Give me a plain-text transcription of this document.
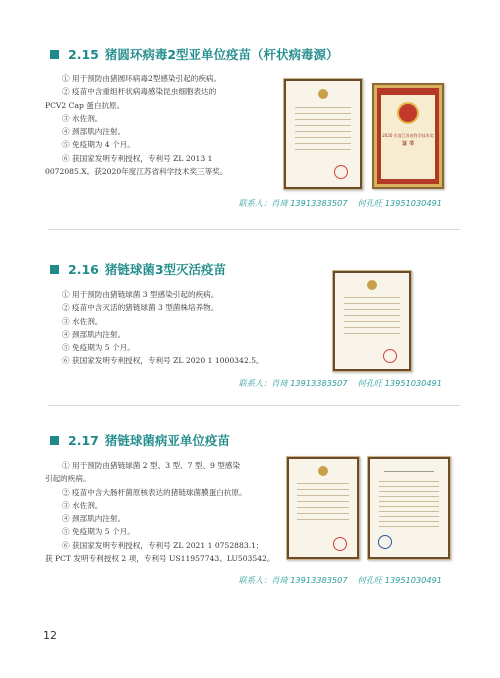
2.15 猪圆环病毒2型亚单位疫苗（杆状病毒源）

① 用于预防由猪圆环病毒2型感染引起的疾病。

② 疫苗中含重组杆状病毒感染昆虫细胞表达的

PCV2 Cap 蛋白抗原。

③ 水佐剂。

④ 颈部肌内注射。

⑤ 免疫期为 4 个月。

⑥ 获国家发明专利授权，专利号 ZL 2013 1

0072085.X。获2020年度江苏省科学技术奖三等奖。

2020 年度江苏省科学技术奖
证 书
联系人：肖琦 13913383507 何孔旺 13951030491
2.16 猪链球菌3型灭活疫苗

① 用于预防由猪链球菌 3 型感染引起的疾病。

② 疫苗中含灭活的猪链球菌 3 型菌株培养物。

③ 水佐剂。

④ 颈部肌内注射。

⑤ 免疫期为 5 个月。

⑥ 获国家发明专利授权，专利号 ZL 2020 1 1000342.5。

联系人：肖琦 13913383507 何孔旺 13951030491
2.17 猪链球菌病亚单位疫苗

① 用于预防由猪链球菌 2 型、3 型、7 型、9 型感染

引起的疾病。

② 疫苗中含大肠杆菌原核表达的猪链球菌膜蛋白抗原。

③ 水佐剂。

④ 颈部肌内注射。

⑤ 免疫期为 5 个月。

⑥ 获国家发明专利授权，专利号 ZL 2021 1 0752883.1；

获 PCT 发明专利授权 2 项，专利号 US11957743、LU503542。

联系人：肖琦 13913383507 何孔旺 13951030491
12
